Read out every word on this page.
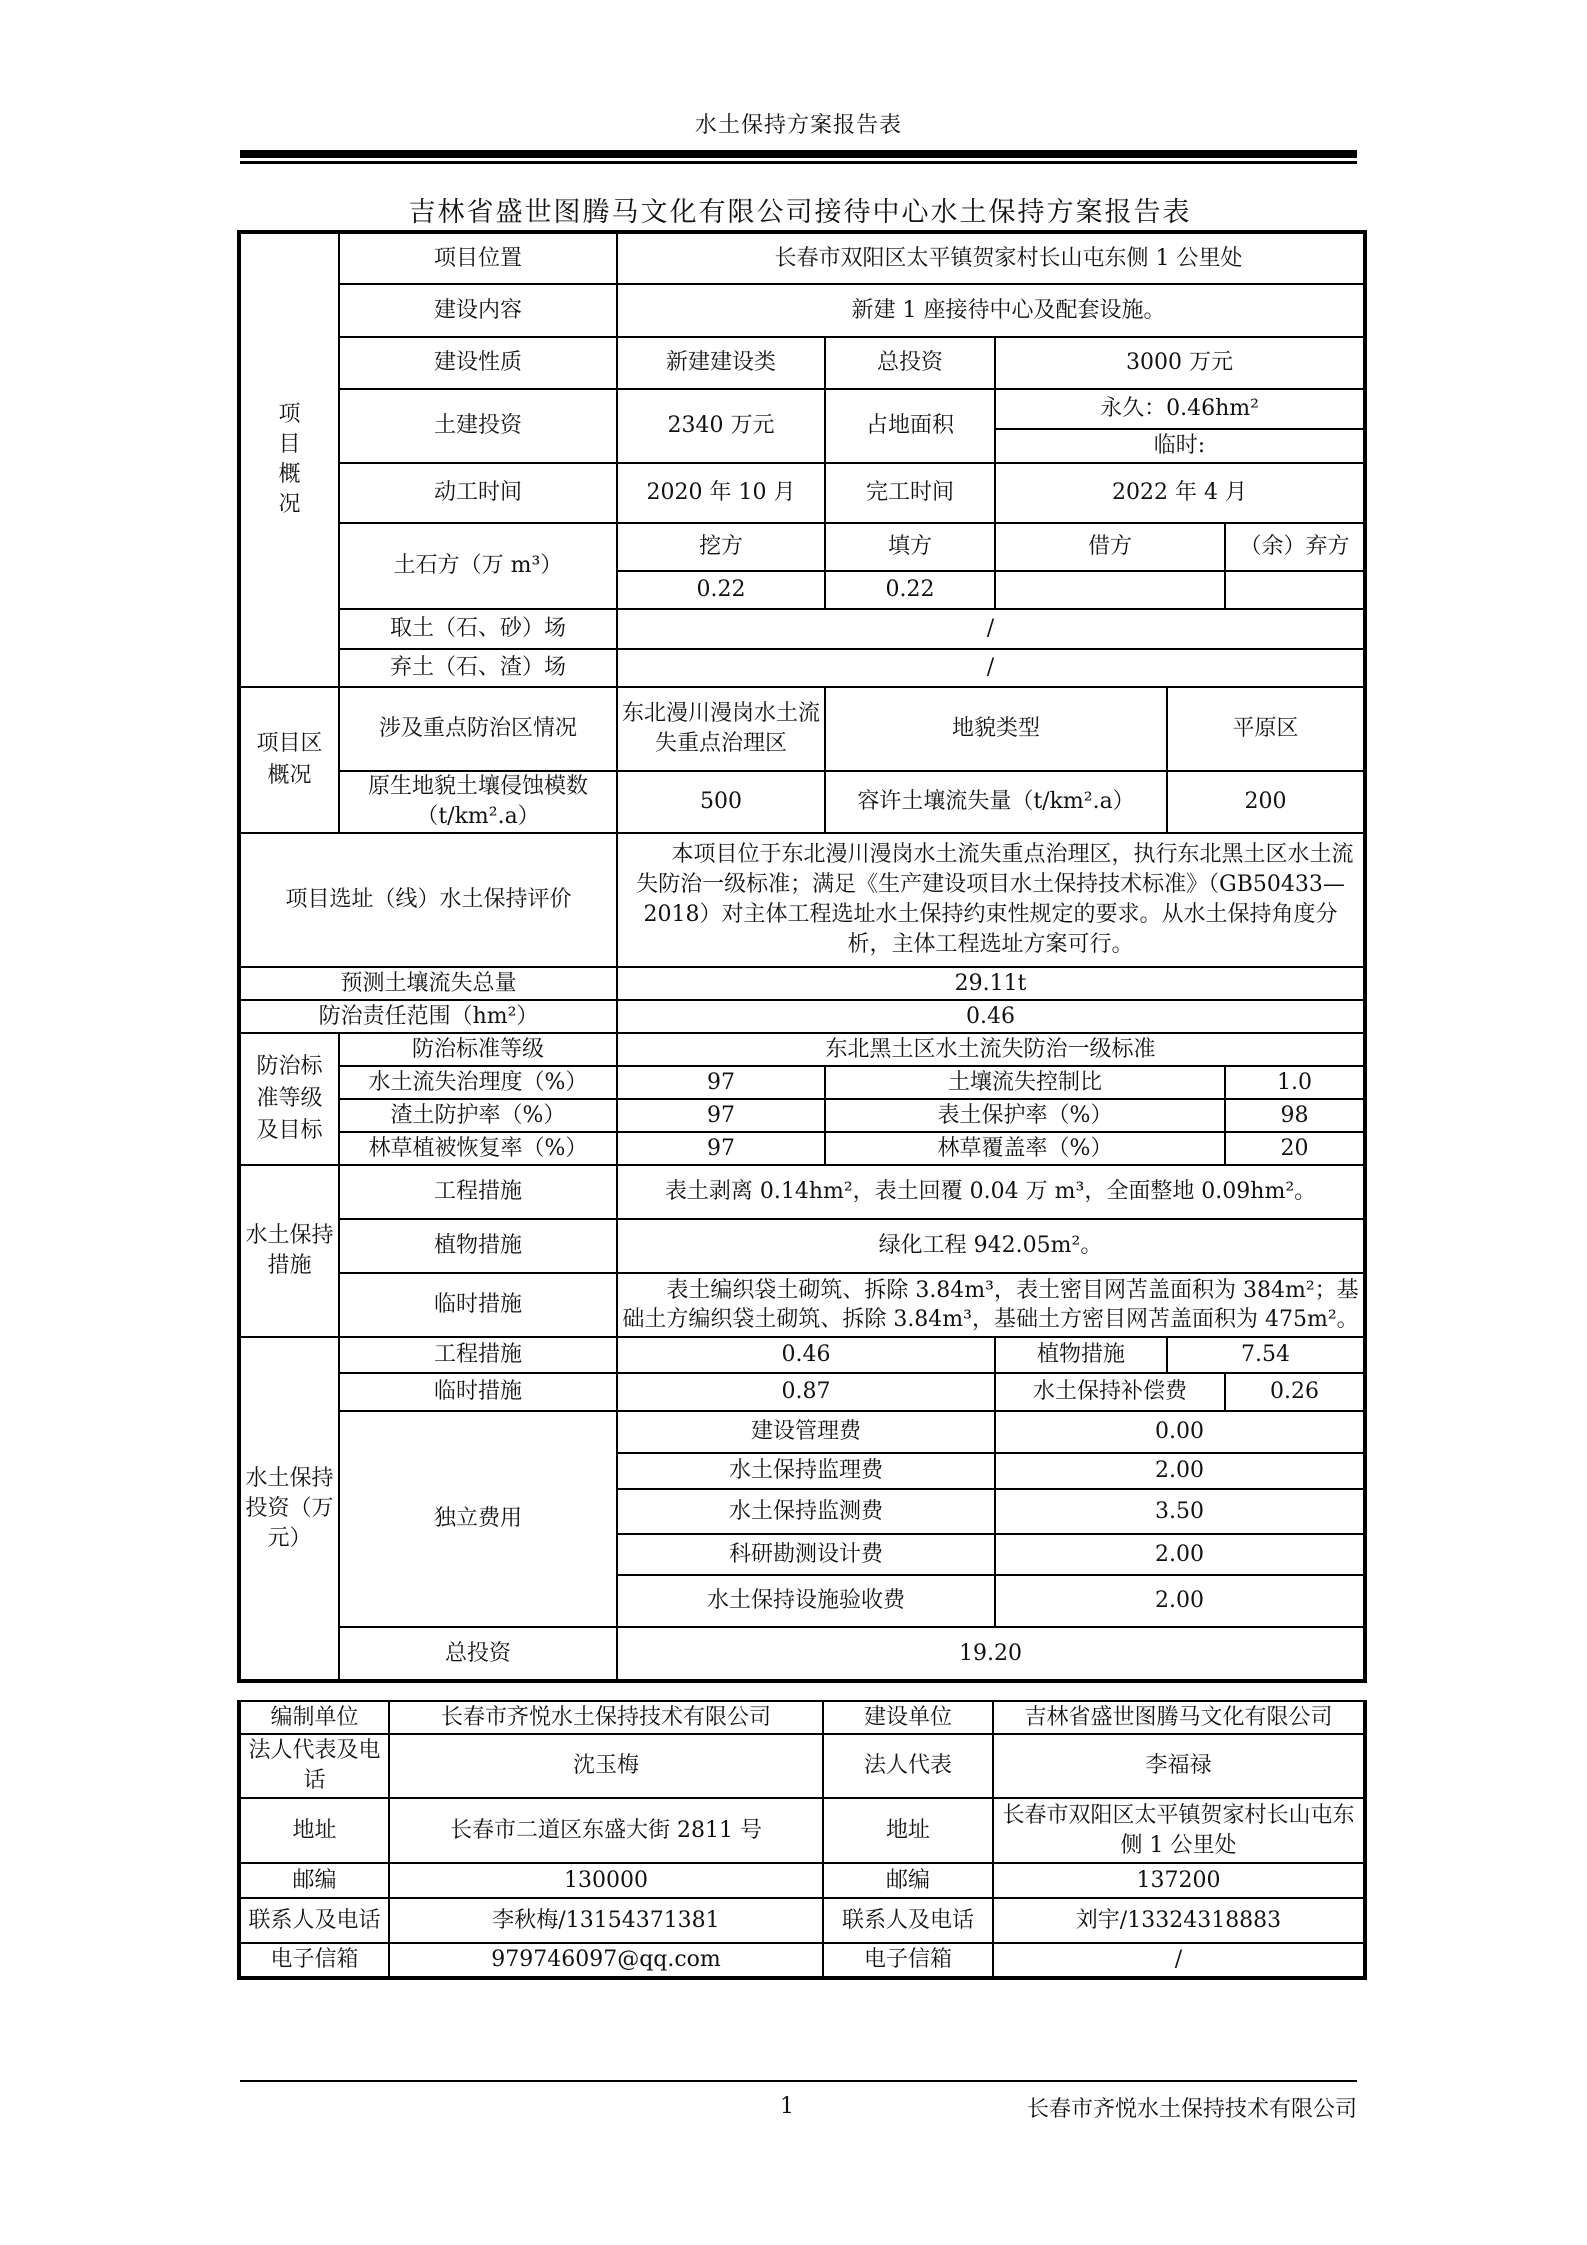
水土保持方案报告表
吉林省盛世图腾马文化有限公司接待中心水土保持方案报告表
项目概况	项目位置	长春市双阳区太平镇贺家村长山屯东侧 1 公里处				
	建设内容	新建 1 座接待中心及配套设施。				
	建设性质	新建建设类	总投资	3000 万元		
	土建投资	2340 万元	占地面积	永久：0.46hm²		
				临时:		
	动工时间	2020 年 10 月	完工时间	2022 年 4 月		
	土石方（万 m³）	挖方	填方	借方		（余）弃方
		0.22	0.22			
	取土（石、砂）场	/				
	弃土（石、渣）场	/				
项目区概况	涉及重点防治区情况	东北漫川漫岗水土流失重点治理区	地貌类型		平原区	
	原生地貌土壤侵蚀模数（t/km².a）	500	容许土壤流失量（t/km².a）		200	
项目选址（线）水土保持评价		本项目位于东北漫川漫岗水土流失重点治理区，执行东北黑土区水土流失防治一级标准；满足《生产建设项目水土保持技术标准》（GB50433—2018）对主体工程选址水土保持约束性规定的要求。从水土保持角度分析，主体工程选址方案可行。				
预测土壤流失总量		29.11t				
防治责任范围（hm²）		0.46				
防治标准等级及目标	防治标准等级	东北黑土区水土流失防治一级标准				
	水土流失治理度（%）	97	土壤流失控制比			1.0
	渣土防护率（%）	97	表土保护率（%）			98
	林草植被恢复率（%）	97	林草覆盖率（%）			20
水土保持措施	工程措施	表土剥离 0.14hm²，表土回覆 0.04 万 m³，全面整地 0.09hm²。				
	植物措施	绿化工程 942.05m²。				
	临时措施	表土编织袋土砌筑、拆除 3.84m³，表土密目网苫盖面积为 384m²；基础土方编织袋土砌筑、拆除 3.84m³，基础土方密目网苫盖面积为 475m²。				
水土保持投资（万元）	工程措施	0.46		植物措施	7.54	
	临时措施	0.87		水土保持补偿费		0.26
	独立费用	建设管理费		0.00		
		水土保持监理费		2.00		
		水土保持监测费		3.50		
		科研勘测设计费		2.00		
		水土保持设施验收费		2.00		
	总投资	19.20				
编制单位	长春市齐悦水土保持技术有限公司	建设单位	吉林省盛世图腾马文化有限公司
法人代表及电话	沈玉梅	法人代表	李福禄
地址	长春市二道区东盛大街 2811 号	地址	长春市双阳区太平镇贺家村长山屯东侧 1 公里处
邮编	130000	邮编	137200
联系人及电话	李秋梅/13154371381	联系人及电话	刘宇/13324318883
电子信箱	979746097@qq.com	电子信箱	/
1	长春市齐悦水土保持技术有限公司
